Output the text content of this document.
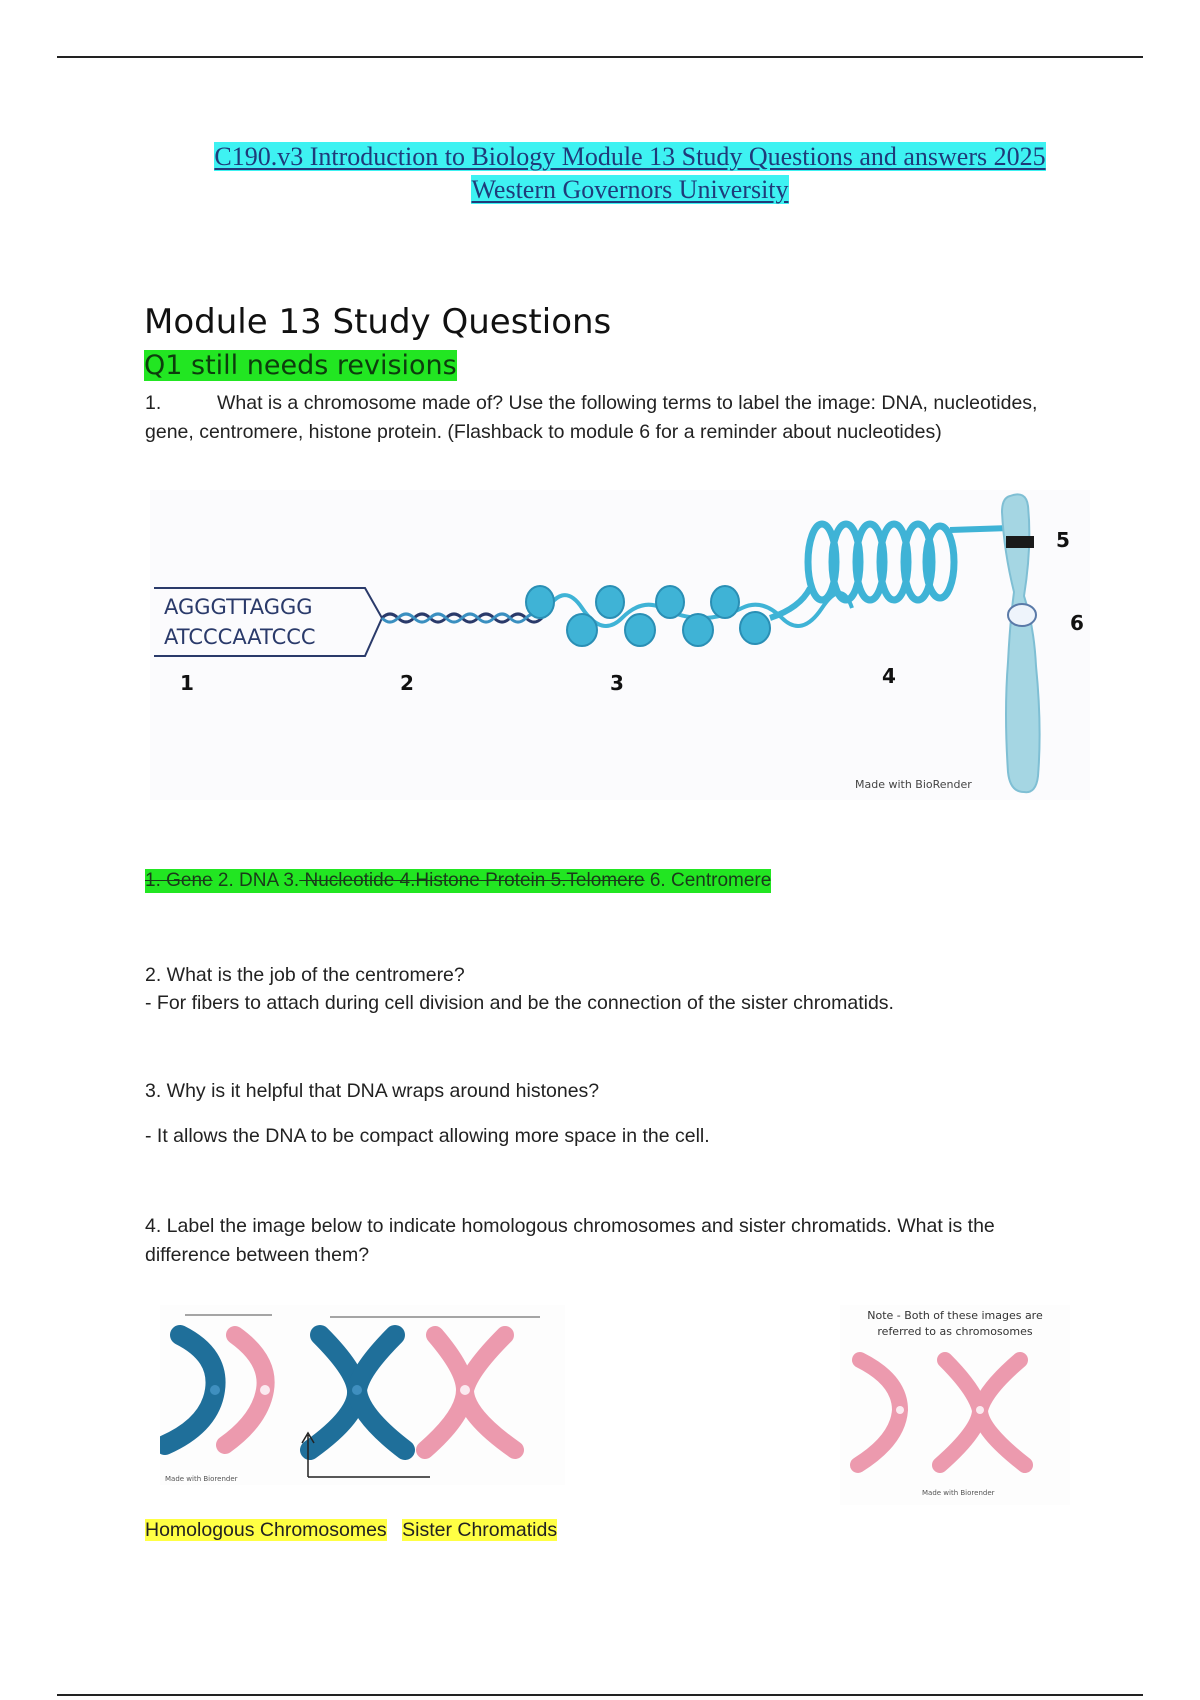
C190.v3 Introduction to Biology Module 13 Study Questions and answers 2025
Western Governors University
Module 13 Study Questions
Q1 still needs revisions
1.	What is a chromosome made of? Use the following terms to label the image: DNA, nucleotides, gene, centromere, histone protein. (Flashback to module 6 for a reminder about nucleotides)
AGGGTTAGGG
ATCCCAATCCC
1	2	3	4
5
6
Made with BioRender
1. Gene 2. DNA 3. Nucleotide 4.Histone Protein 5.Telomere 6. Centromere
2. What is the job of the centromere?
- For fibers to attach during cell division and be the connection of the sister chromatids.
3. Why is it helpful that DNA wraps around histones?
- It allows the DNA to be compact allowing more space in the cell.
4. Label the image below to indicate homologous chromosomes and sister chromatids. What is the difference between them?
Made with Biorender
Note - Both of these images are
referred to as chromosomes
Made with Biorender
Homologous Chromosomes Sister Chromatids
